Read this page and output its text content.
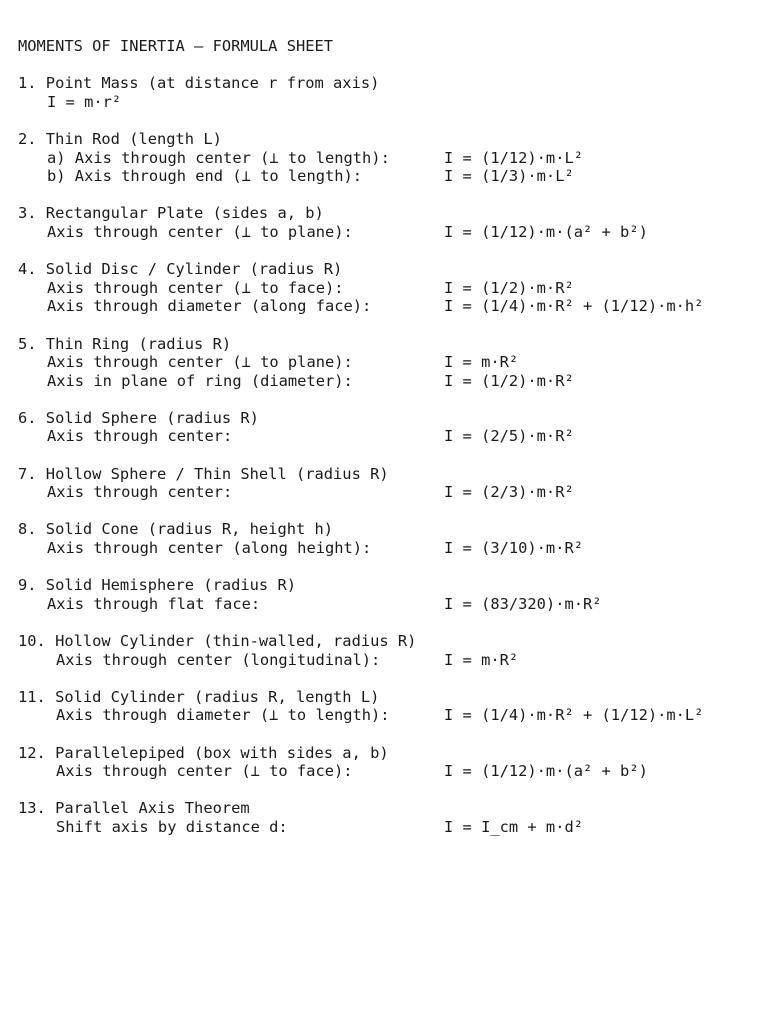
MOMENTS OF INERTIA — FORMULA SHEET
1. Point Mass (at distance r from axis)
I = m·r²
2. Thin Rod (length L)
a) Axis through center (⊥ to length):	I = (1/12)·m·L²
b) Axis through end (⊥ to length):	I = (1/3)·m·L²
3. Rectangular Plate (sides a, b)
Axis through center (⊥ to plane):	I = (1/12)·m·(a² + b²)
4. Solid Disc / Cylinder (radius R)
Axis through center (⊥ to face):	I = (1/2)·m·R²
Axis through diameter (along face):	I = (1/4)·m·R² + (1/12)·m·h²
5. Thin Ring (radius R)
Axis through center (⊥ to plane):	I = m·R²
Axis in plane of ring (diameter):	I = (1/2)·m·R²
6. Solid Sphere (radius R)
Axis through center:	I = (2/5)·m·R²
7. Hollow Sphere / Thin Shell (radius R)
Axis through center:	I = (2/3)·m·R²
8. Solid Cone (radius R, height h)
Axis through center (along height):	I = (3/10)·m·R²
9. Solid Hemisphere (radius R)
Axis through flat face:	I = (83/320)·m·R²
10. Hollow Cylinder (thin-walled, radius R)
Axis through center (longitudinal):	I = m·R²
11. Solid Cylinder (radius R, length L)
Axis through diameter (⊥ to length):	I = (1/4)·m·R² + (1/12)·m·L²
12. Parallelepiped (box with sides a, b)
Axis through center (⊥ to face):	I = (1/12)·m·(a² + b²)
13. Parallel Axis Theorem
Shift axis by distance d:	I = I_cm + m·d²
